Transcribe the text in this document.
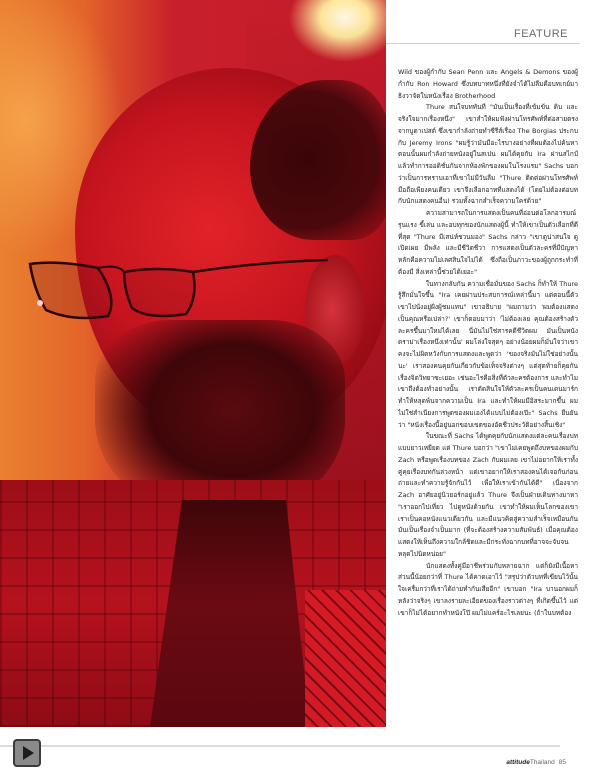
FEATURE

Wild ของผู้กำกับ Sean Penn และ Angels & Demons ของผู้กำกับ Ron Howard ซึ่งบทบาทหนึ่งที่ยังจำได้ไม่ลืมคือบทเกย์มาธิงวาจัดในหนังเรื่อง Brotherhood

Thure สนใจบททันที "มันเป็นเรื่องที่เข้มข้น ดิบ และจริงใจมากเรื่องหนึ่ง" เขาสำให้ผมฟังผ่านโทรศัพท์ที่ต่อสายตรงจากบูดาเปสต์ ซึ่งเขากำลังถ่ายทำซีรีส์เรื่อง The Borgias ประกบกับ Jeremy Irons "ผมรู้ว่ามันมีอะไรบางอย่างที่ผมต้องไปค้นหา ตอนนั้นผมกำลังถ่ายหนังอยู่ในสเปน ผมได้คุยกับ Ira ผ่านสไกป์ แล้วทำการออดิชั่นกันจากห้องพักของผมในโรงแรม" Sachs บอกว่าเป็นการทราบเอาที่เขาไม่มีวันลืม "Thure ติดต่อผ่านโทรศัพท์มือถือเพียงคนเดียว เขาจึงเลือกอาทที่แสดงได้ (โดยไม่ต้องต่อบทกับนักแสดงคนอื่น) รวมทั้งฉากสำเร็จความใคร่ด้วย"

ความสามารถในการแสดงเป็นคนที่อ่อนต่อโลกอารมณ์รุนแรง ขี้เล่น และอบทุกของนักแสดงผู้นี้ ทำให้เขาเป็นตัวเลือกที่ดีที่สุด "Thure มีเสน่ห์ชวนมอง" Sachs กล่าว "เขาดูน่าสนใจ ดูเปิดเผย มีพลัง และมีชีวิตชีวา การแสดงเป็นตัวละครที่มีปัญหาหลักคือความไม่เลศสินใจไม่ได้ ซึ่งถือเป็นภาวะของผู้ถูกกระทำที่ต้องมี สิ่งเหล่านี้ช่วยได้เยอะ"

ในทางกลับกัน ความเชื่อมั่นของ Sachs ก็ทำให้ Thure รู้สึกมั่นใจขึ้น "Ira เคยผ่านประสบการณ์เหล่านี้มา แต่ตอนนี้ตัวเขาไปนั่งอยู่ฝั่งผู้ชมแทน" เขาอธิบาย "ผมถามว่า 'ผมต้องแสดงเป็นคุณหรือเปล่า?' เขาก็ตอบมาว่า 'ไม่ต้องเลย คุณต้องสร้างตัวละครขึ้นมาใหม่ได้เลย นี่มันไม่ใช่สารคดีชีวิตผม มันเป็นหนังดราม่าเรื่องหนึ่งเท่านั้น' ผมโล่งใจสุดๆ อย่างน้อยผมก็มั่นใจว่าเขาคงจะไม่ผิดหวังกับการแสดงและพูดว่า 'ของจริงมันไม่ใช่อย่างนั้นนะ' เราสองคนคุยกันเกี่ยวกับข้อเท็จจริงต่างๆ แต่สุดท้ายก็คุยกันเรื่องจิตวิทยาซะเยอะ เช่นอะไรคือสิ่งที่ตัวละครต้องการ และทำไมเขาถึงต้องทำอย่างนั้น เราตัดสินใจให้ตัวละครเป็นคนเดนมาร์ก ทำให้หลุดพ้นจากความเป็น Ira และทำให้ผมมีอิสระมากขึ้น ผมไม่ใช่สำเนียงการพูดของผมเองได้แบบไม่ต้องเป๊ะ" Sachs ยืนยันว่า "หนังเรื่องนี้อยู่นอกขอบเขตของอัตชีวประวัติอย่างสิ้นเชิง"

ในขณะที่ Sachs ได้พูดคุยกับนักแสดงแต่ละคนเรื่องบทแบบยาวเหยียด แต่ Thure บอกว่า "เขาไม่เคยพูดถึงบทของผมกับ Zach หรือพูดเรื่องบทของ Zach กับผมเลย เขาไม่อยากให้เราทั้งคู่คุยเรื่องบทกันล่วงหน้า แต่เขาอยากให้เราสองคนได้เจอกันก่อนถ่ายและทำความรู้จักกันไว้ เพื่อให้เราเข้ากันได้ดี" เนื่องจาก Zach อาศัยอยู่นิวยอร์กอยู่แล้ว Thure จึงเป็นฝ่ายเดินทางมาหา "เราออกไปเที่ยว ไปดูหนังด้วยกัน เขาทำให้ผมเห็นโลกของเขา เราเป็นคอหนังแนวเดียวกัน และมีแนวคิดสู่ความสำเร็จเหมือนกัน มันเป็นเรื่องจำเป็นมาก (ที่จะต้องสร้างความสัมพันธ์) เมื่อคุณต้องแสดงให้เห็นถึงความใกล้ชิดและมีกระทั่งฉากบทที่อาจจะจับจนหลุดไปนิดหน่อย"

นักแสดงทั้งคู่มีอาชีพร่วมกับหลายฉาก แต่ก็ยังมีเนื้อหาส่วนนี้น้อยกว่าที่ Thure ได้คาดเอาไว้ "สรุปว่าตัวบทที่เขียนไว้นั้นใจเครื่มกว่าที่เราได้ถ่ายทำกันเสียอีก" เขาบอก "Ira บานอกผมก็หลังว่าจริงๆ เขาลงรายละเอียดของเรื่องราวต่างๆ ที่เกิดขึ้นไว้ แต่เขาก็ไม่ได้อยากทำหนังโป๊ ผมไม่แคร์อะไรเลยนะ (ถ้าในบทต้อง

attitudeThailand 85
